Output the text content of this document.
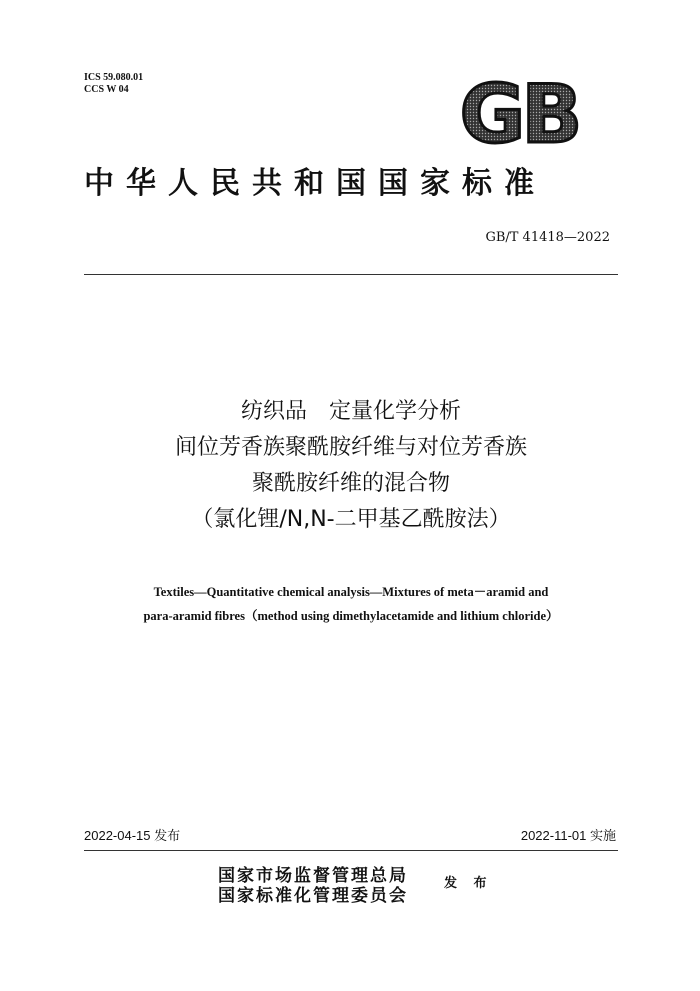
ICS 59.080.01
CCS W 04	GB
中华人民共和国国家标准
GB/T 41418—2022
纺织品　定量化学分析
间位芳香族聚酰胺纤维与对位芳香族
聚酰胺纤维的混合物
（氯化锂/N,N-二甲基乙酰胺法）
Textiles—Quantitative chemical analysis—Mixtures of meta－aramid and
para-aramid fibres（method using dimethylacetamide and lithium chloride）
2022-04-15 发布	2022-11-01 实施
国家市场监督管理总局
国家标准化管理委员会
发 布
